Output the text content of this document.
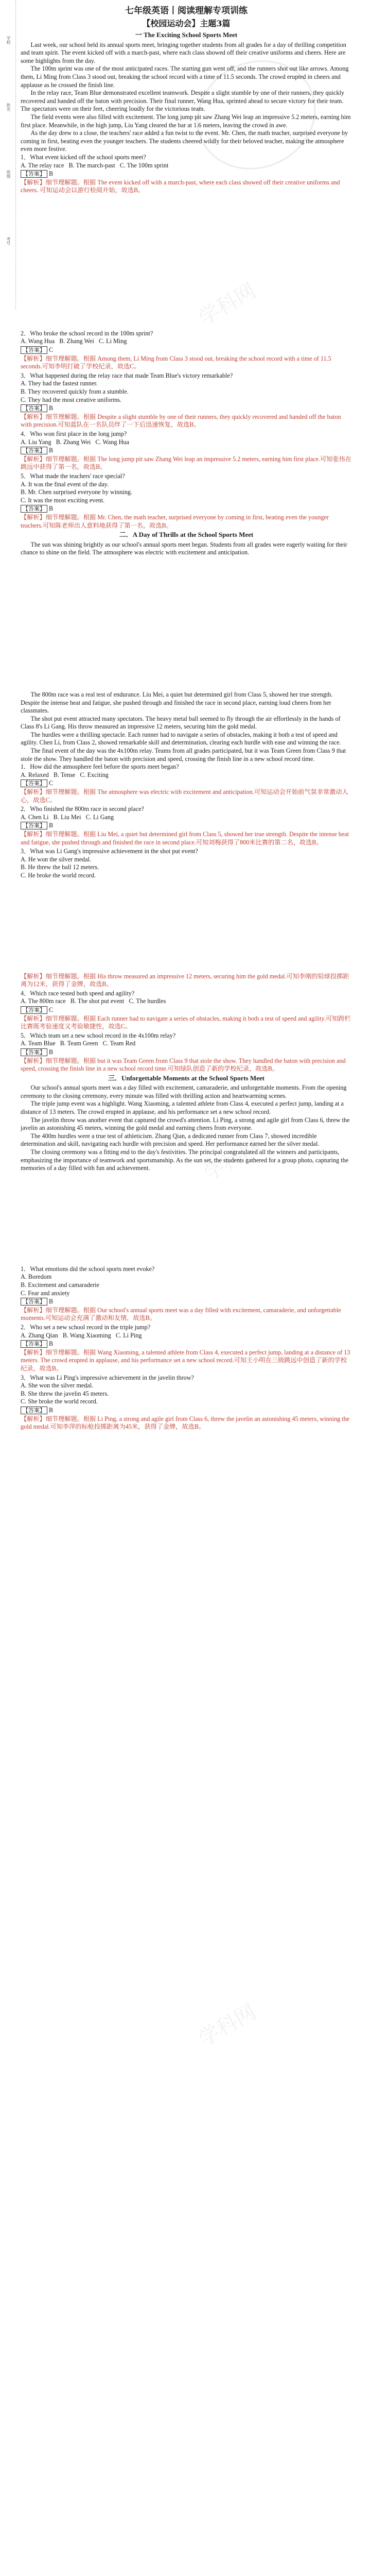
学校
姓名
班级
考号
学科网
学科网
学科网
七年级英语丨阅读理解专项训练
【校园运动会】主题3篇
一 The Exciting School Sports Meet

Last week, our school held its annual sports meet, bringing together students from all grades for a day of thrilling competition and team spirit. The event kicked off with a march-past, where each class showed off their creative uniforms and cheers. Here are some highlights from the day.

The 100m sprint was one of the most anticipated races. The starting gun went off, and the runners shot out like arrows. Among them, Li Ming from Class 3 stood out, breaking the school record with a time of 11.5 seconds. The crowd erupted in cheers and applause as he crossed the finish line.

In the relay race, Team Blue demonstrated excellent teamwork. Despite a slight stumble by one of their runners, they quickly recovered and handed off the baton with precision. Their final runner, Wang Hua, sprinted ahead to secure victory for their team. The spectators were on their feet, cheering loudly for the victorious team.

The field events were also filled with excitement. The long jump pit saw Zhang Wei leap an impressive 5.2 meters, earning him first place. Meanwhile, in the high jump, Liu Yang cleared the bar at 1.6 meters, leaving the crowd in awe.

As the day drew to a close, the teachers' race added a fun twist to the event. Mr. Chen, the math teacher, surprised everyone by coming in first, beating even the younger teachers. The students cheered wildly for their beloved teacher, making the atmosphere even more festive.

1．What event kicked off the school sports meet?

A. The relay race B. The march-past C. The 100m sprint

【答案】 B

【解析】细节理解题。根据 The event kicked off with a march-past, where each class showed off their creative uniforms and cheers. 可知运动会以游行检阅开始，故选B。

2．Who broke the school record in the 100m sprint?

A. Wang Hua B. Zhang Wei C. Li Ming

【答案】 C

【解析】细节理解题。根据 Among them, Li Ming from Class 3 stood out, breaking the school record with a time of 11.5 seconds.可知李明打破了学校纪录，故选C。

3．What happened during the relay race that made Team Blue's victory remarkable?

A. They had the fastest runner.

B. They recovered quickly from a stumble.

C. They had the most creative uniforms.

【答案】 B

【解析】细节理解题。根据 Despite a slight stumble by one of their runners, they quickly recovered and handed off the baton with precision.可知蓝队在一名队员绊了一下后迅速恢复，故选B。

4．Who won first place in the long jump?

A. Liu Yang B. Zhang Wei C. Wang Hua

【答案】 B

【解析】细节理解题。根据 The long jump pit saw Zhang Wei leap an impressive 5.2 meters, earning him first place.可知张伟在跳远中获得了第一名，故选B。

5．What made the teachers' race special?

A. It was the final event of the day.

B. Mr. Chen surprised everyone by winning.

C. It was the most exciting event.

【答案】 B

【解析】细节理解题。根据 Mr. Chen, the math teacher, surprised everyone by coming in first, beating even the younger teachers.可知陈老师出人意料地获得了第一名，故选B。

二．A Day of Thrills at the School Sports Meet

The sun was shining brightly as our school's annual sports meet began. Students from all grades were eagerly waiting for their chance to shine on the field. The atmosphere was electric with excitement and anticipation.

The 800m race was a real test of endurance. Liu Mei, a quiet but determined girl from Class 5, showed her true strength. Despite the intense heat and fatigue, she pushed through and finished the race in second place, earning loud cheers from her classmates.

The shot put event attracted many spectators. The heavy metal ball seemed to fly through the air effortlessly in the hands of Class 8's Li Gang. His throw measured an impressive 12 meters, securing him the gold medal.

The hurdles were a thrilling spectacle. Each runner had to navigate a series of obstacles, making it both a test of speed and agility. Chen Li, from Class 2, showed remarkable skill and determination, clearing each hurdle with ease and winning the race.

The final event of the day was the 4x100m relay. Teams from all grades participated, but it was Team Green from Class 9 that stole the show. They handled the baton with precision and speed, crossing the finish line in a new school record time.

1．How did the atmosphere feel before the sports meet began?

A. Relaxed B. Tense C. Exciting

【答案】 C

【解析】细节理解题。根据 The atmosphere was electric with excitement and anticipation.可知运动会开始前气氛非常激动人心，故选C。

2．Who finished the 800m race in second place?

A. Chen Li B. Liu Mei C. Li Gang

【答案】 B

【解析】细节理解题。根据 Liu Mei, a quiet but determined girl from Class 5, showed her true strength. Despite the intense heat and fatigue, she pushed through and finished the race in second place.可知刘梅获得了800米比赛的第二名，故选B。

3．What was Li Gang's impressive achievement in the shot put event?

A. He won the silver medal.

B. He threw the ball 12 meters.

C. He broke the world record.

【解析】细节理解题。根据 His throw measured an impressive 12 meters, securing him the gold medal.可知李刚的铅球投掷距离为12米，获得了金牌，故选B。

4．Which race tested both speed and agility?

A. The 800m race B. The shot put event C. The hurdles

【答案】 C

【解析】细节理解题。根据 Each runner had to navigate a series of obstacles, making it both a test of speed and agility.可知跨栏比赛既考验速度又考验敏捷性，故选C。

5．Which team set a new school record in the 4x100m relay?

A. Team Blue B. Team Green C. Team Red

【答案】 B

【解析】细节理解题。根据 but it was Team Green from Class 9 that stole the show. They handled the baton with precision and speed, crossing the finish line in a new school record time.可知绿队创造了新的学校纪录，故选B。

三．Unforgettable Moments at the School Sports Meet

Our school's annual sports meet was a day filled with excitement, camaraderie, and unforgettable moments. From the opening ceremony to the closing ceremony, every minute was filled with thrilling action and heartwarming scenes.

The triple jump event was a highlight. Wang Xiaoming, a talented athlete from Class 4, executed a perfect jump, landing at a distance of 13 meters. The crowd erupted in applause, and his performance set a new school record.

The javelin throw was another event that captured the crowd's attention. Li Ping, a strong and agile girl from Class 6, threw the javelin an astonishing 45 meters, winning the gold medal and earning cheers from everyone.

The 400m hurdles were a true test of athleticism. Zhang Qian, a dedicated runner from Class 7, showed incredible determination and skill, navigating each hurdle with precision and speed. Her performance earned her the silver medal.

The closing ceremony was a fitting end to the day's festivities. The principal congratulated all the winners and participants, emphasizing the importance of teamwork and sportsmanship. As the sun set, the students gathered for a group photo, capturing the memories of a day filled with fun and achievement.

1．What emotions did the school sports meet evoke?

A. Boredom

B. Excitement and camaraderie

C. Fear and anxiety

【答案】 B

【解析】细节理解题。根据 Our school's annual sports meet was a day filled with excitement, camaraderie, and unforgettable moments.可知运动会充满了激动和友情，故选B。

2．Who set a new school record in the triple jump?

A. Zhang Qian B. Wang Xiaoming C. Li Ping

【答案】 B

【解析】细节理解题。根据 Wang Xiaoming, a talented athlete from Class 4, executed a perfect jump, landing at a distance of 13 meters. The crowd erupted in applause, and his performance set a new school record.可知王小明在三级跳远中创造了新的学校纪录，故选B。

3．What was Li Ping's impressive achievement in the javelin throw?

A. She won the silver medal.

B. She threw the javelin 45 meters.

C. She broke the world record.

【答案】 B

【解析】细节理解题。根据 Li Ping, a strong and agile girl from Class 6, threw the javelin an astonishing 45 meters, winning the gold medal.可知李萍的标枪投掷距离为45米，获得了金牌，故选B。
